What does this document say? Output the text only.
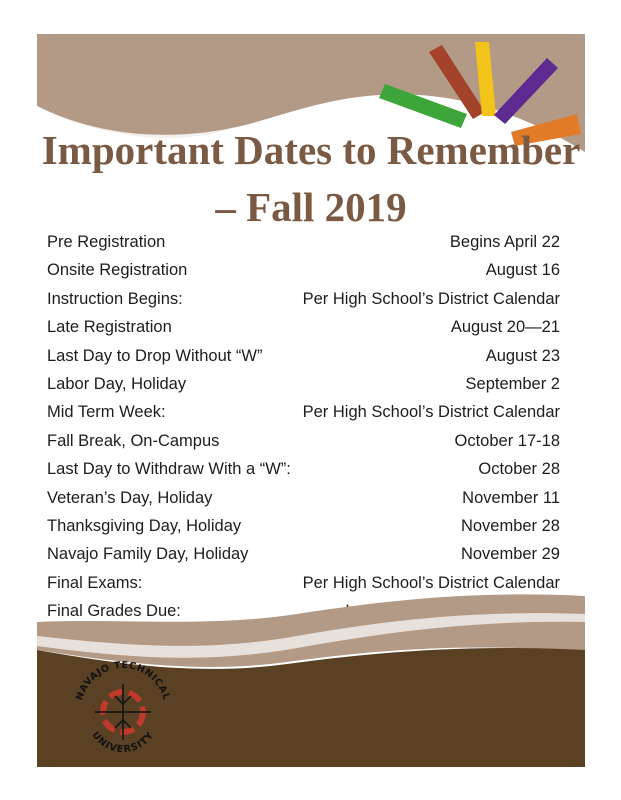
Important Dates to Remember
– Fall 2019
Pre Registration	Begins April 22
Onsite Registration	August 16
Instruction Begins:	Per High School’s District Calendar
Late Registration	August 20—21
Last Day to Drop Without “W”	August 23
Labor Day, Holiday	September 2
Mid Term Week:	Per High School’s District Calendar
Fall Break, On-Campus	October 17-18
Last Day to Withdraw With a “W”:	October 28
Veteran’s Day, Holiday	November 11
Thanksgiving Day, Holiday	November 28
Navajo Family Day, Holiday	November 29
Final Exams:	Per High School’s District Calendar
Final Grades Due:
NAVAJO TECHNICAL
UNIVERSITY
